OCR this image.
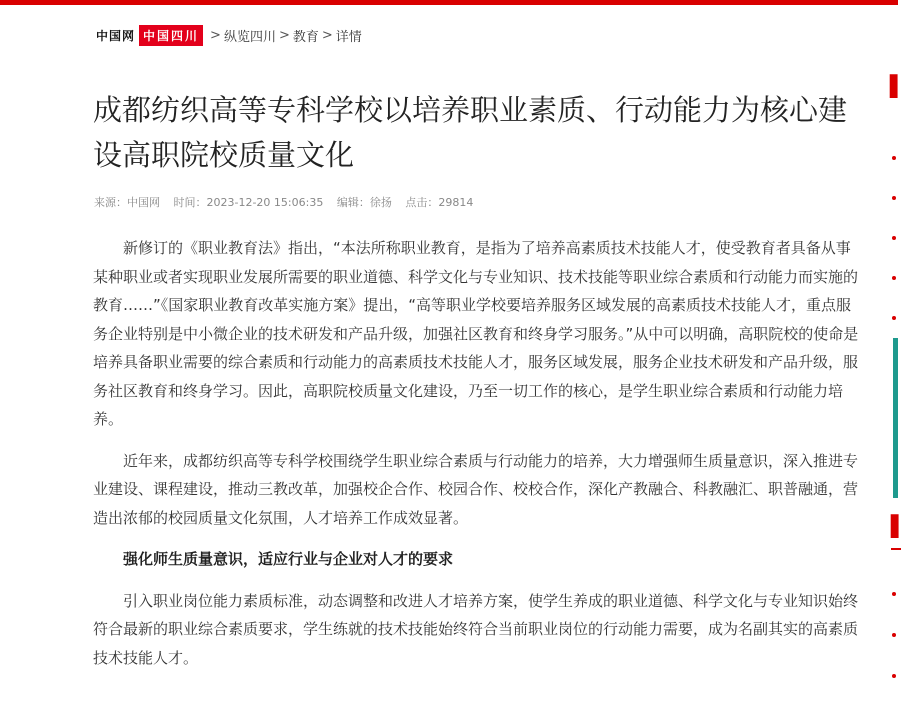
中国网 中国四川 > 纵览四川 > 教育 > 详情
成都纺织高等专科学校以培养职业素质、行动能力为核心建设高职院校质量文化
来源：中国网 时间：2023-12-20 15:06:35 编辑：徐扬 点击：29814

新修订的《职业教育法》指出，“本法所称职业教育，是指为了培养高素质技术技能人才，使受教育者具备从事某种职业或者实现职业发展所需要的职业道德、科学文化与专业知识、技术技能等职业综合素质和行动能力而实施的教育……”《国家职业教育改革实施方案》提出，“高等职业学校要培养服务区域发展的高素质技术技能人才，重点服务企业特别是中小微企业的技术研发和产品升级，加强社区教育和终身学习服务。”从中可以明确，高职院校的使命是培养具备职业需要的综合素质和行动能力的高素质技术技能人才，服务区域发展，服务企业技术研发和产品升级，服务社区教育和终身学习。因此，高职院校质量文化建设，乃至一切工作的核心，是学生职业综合素质和行动能力培养。

近年来，成都纺织高等专科学校围绕学生职业综合素质与行动能力的培养，大力增强师生质量意识，深入推进专业建设、课程建设，推动三教改革，加强校企合作、校园合作、校校合作，深化产教融合、科教融汇、职普融通，营造出浓郁的校园质量文化氛围，人才培养工作成效显著。

强化师生质量意识，适应行业与企业对人才的要求

引入职业岗位能力素质标准，动态调整和改进人才培养方案，使学生养成的职业道德、科学文化与专业知识始终符合最新的职业综合素质要求，学生练就的技术技能始终符合当前职业岗位的行动能力需要，成为名副其实的高素质技术技能人才。

▌
▌
